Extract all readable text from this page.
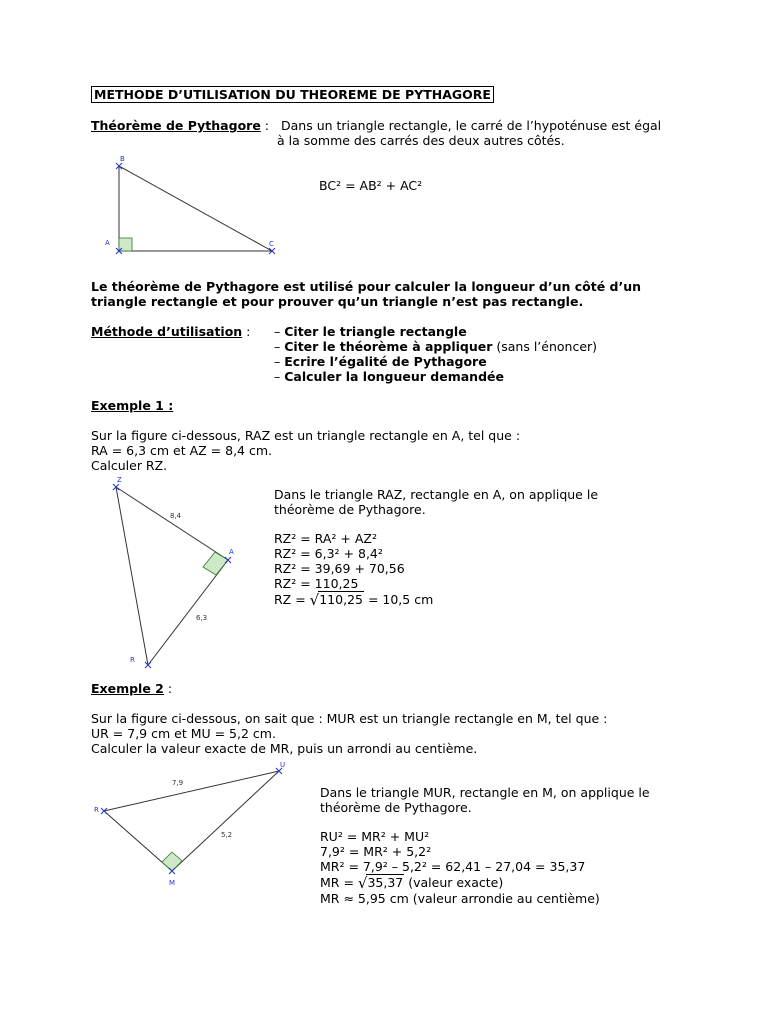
METHODE D’UTILISATION DU THEOREME DE PYTHAGORE
Théorème de Pythagore : Dans un triangle rectangle, le carré de l’hypoténuse est égal
à la somme des carrés des deux autres côtés.
BC² = AB² + AC²
B
A	C
Le théorème de Pythagore est utilisé pour calculer la longueur d’un côté d’un
triangle rectangle et pour prouver qu’un triangle n’est pas rectangle.
Méthode d’utilisation : – Citer le triangle rectangle
– Citer le théorème à appliquer (sans l’énoncer)
– Ecrire l’égalité de Pythagore
– Calculer la longueur demandée
Exemple 1 :
Sur la figure ci-dessous, RAZ est un triangle rectangle en A, tel que :
RA = 6,3 cm et AZ = 8,4 cm.
Calculer RZ.
Z
A
R
8,4
6,3
Dans le triangle RAZ, rectangle en A, on applique le
théorème de Pythagore.
RZ² = RA² + AZ²
RZ² = 6,3² + 8,4²
RZ² = 39,69 + 70,56
RZ² = 110,25
RZ = √110,25 = 10,5 cm
Exemple 2 :
Sur la figure ci-dessous, on sait que : MUR est un triangle rectangle en M, tel que :
UR = 7,9 cm et MU = 5,2 cm.
Calculer la valeur exacte de MR, puis un arrondi au centième.
U
R
M
7,9
5,2
Dans le triangle MUR, rectangle en M, on applique le
théorème de Pythagore.
RU² = MR² + MU²
7,9² = MR² + 5,2²
MR² = 7,9² – 5,2² = 62,41 – 27,04 = 35,37
MR = √35,37 (valeur exacte)
MR ≈ 5,95 cm (valeur arrondie au centième)
